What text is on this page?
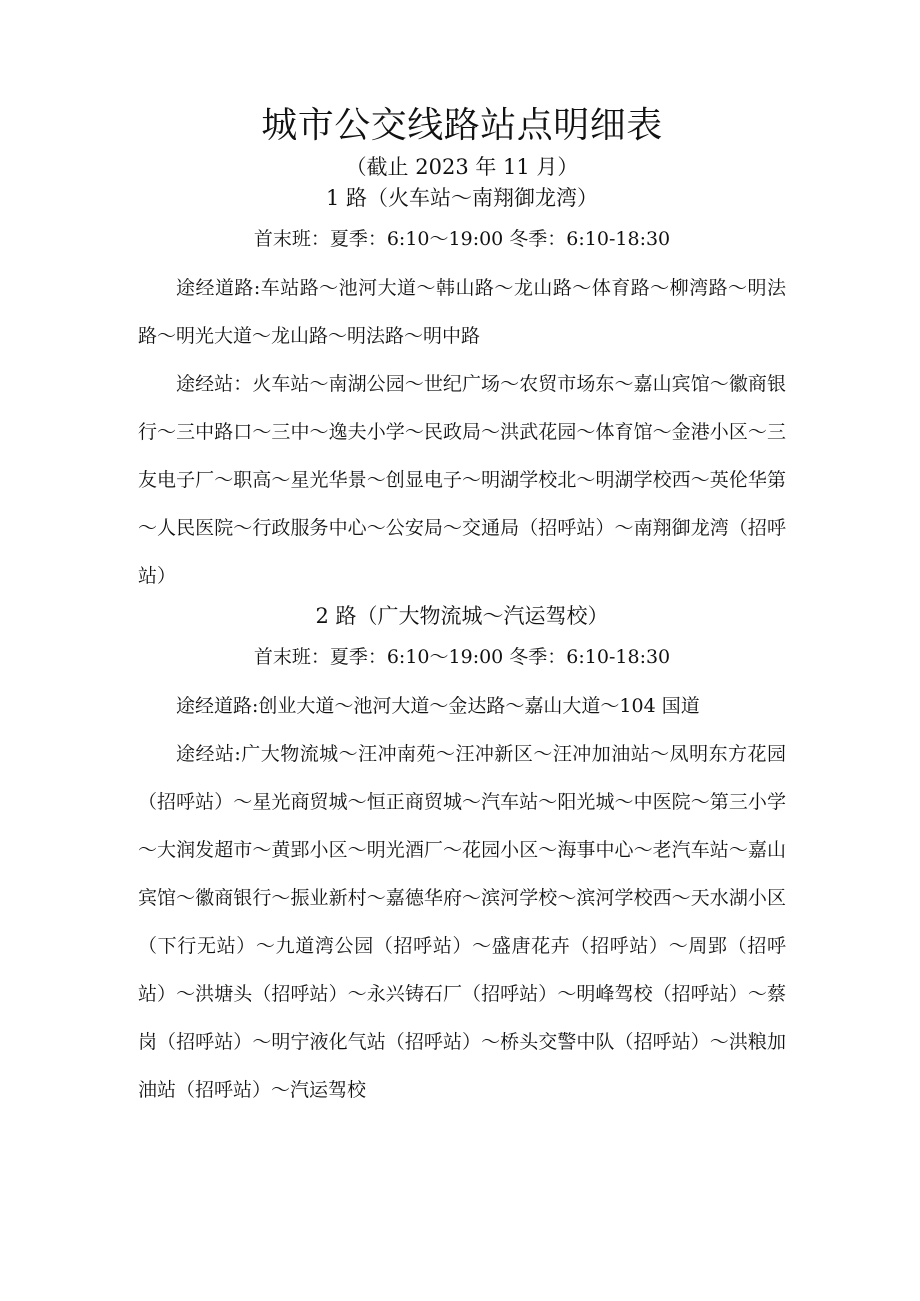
城市公交线路站点明细表

（截止 2023 年 11 月）

1 路（火车站～南翔御龙湾）

首末班：夏季：6:10～19:00 冬季：6:10-18:30

途经道路:车站路～池河大道～韩山路～龙山路～体育路～柳湾路～明法路～明光大道～龙山路～明法路～明中路

途经站：火车站～南湖公园～世纪广场～农贸市场东～嘉山宾馆～徽商银行～三中路口～三中～逸夫小学～民政局～洪武花园～体育馆～金港小区～三友电子厂～职高～星光华景～创显电子～明湖学校北～明湖学校西～英伦华第～人民医院～行政服务中心～公安局～交通局（招呼站）～南翔御龙湾（招呼站）

2 路（广大物流城～汽运驾校）

首末班：夏季：6:10～19:00 冬季：6:10-18:30

途经道路:创业大道～池河大道～金达路～嘉山大道～104 国道

途经站:广大物流城～汪冲南苑～汪冲新区～汪冲加油站～凤明东方花园（招呼站）～星光商贸城～恒正商贸城～汽车站～阳光城～中医院～第三小学～大润发超市～黄郢小区～明光酒厂～花园小区～海事中心～老汽车站～嘉山宾馆～徽商银行～振业新村～嘉德华府～滨河学校～滨河学校西～天水湖小区（下行无站）～九道湾公园（招呼站）～盛唐花卉（招呼站）～周郢（招呼站）～洪塘头（招呼站）～永兴铸石厂（招呼站）～明峰驾校（招呼站）～蔡岗（招呼站）～明宁液化气站（招呼站）～桥头交警中队（招呼站）～洪粮加油站（招呼站）～汽运驾校
